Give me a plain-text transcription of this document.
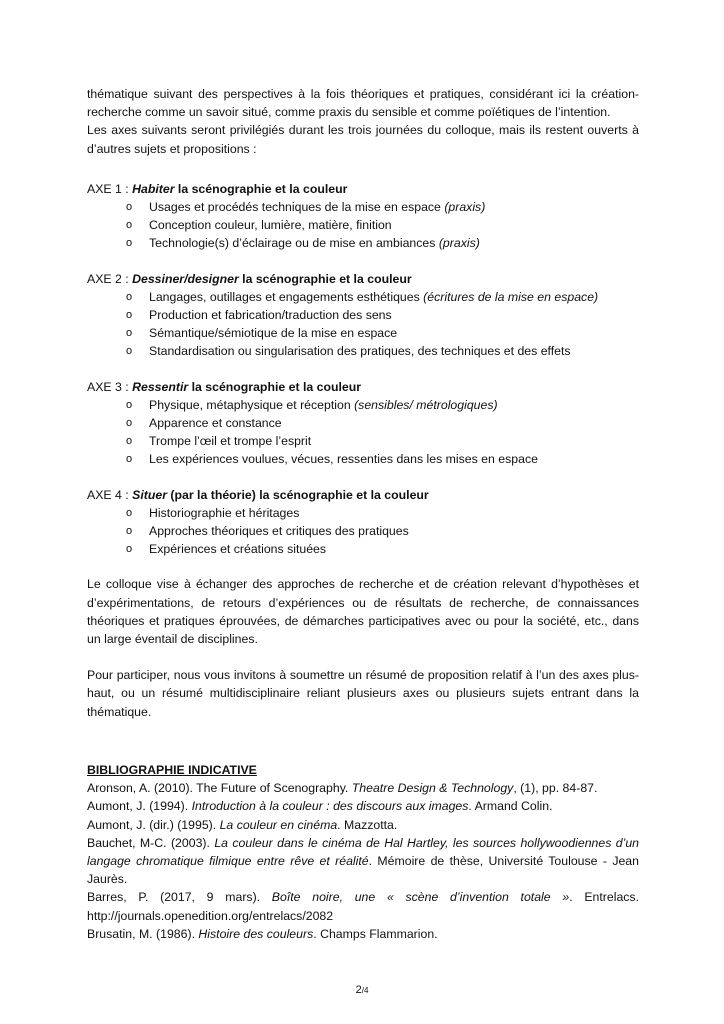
thématique suivant des perspectives à la fois théoriques et pratiques, considérant ici la création-recherche comme un savoir situé, comme praxis du sensible et comme poïétiques de l’intention.

Les axes suivants seront privilégiés durant les trois journées du colloque, mais ils restent ouverts à d’autres sujets et propositions :

AXE 1 : Habiter la scénographie et la couleur

o	Usages et procédés techniques de la mise en espace (praxis)
o	Conception couleur, lumière, matière, finition
o	Technologie(s) d’éclairage ou de mise en ambiances (praxis)

AXE 2 : Dessiner/designer la scénographie et la couleur

o	Langages, outillages et engagements esthétiques (écritures de la mise en espace)
o	Production et fabrication/traduction des sens
o	Sémantique/sémiotique de la mise en espace
o	Standardisation ou singularisation des pratiques, des techniques et des effets

AXE 3 : Ressentir la scénographie et la couleur

o	Physique, métaphysique et réception (sensibles/ métrologiques)
o	Apparence et constance
o	Trompe l’œil et trompe l’esprit
o	Les expériences voulues, vécues, ressenties dans les mises en espace

AXE 4 : Situer (par la théorie) la scénographie et la couleur

o	Historiographie et héritages
o	Approches théoriques et critiques des pratiques
o	Expériences et créations situées
Le colloque vise à échanger des approches de recherche et de création relevant d’hypothèses et d’expérimentations, de retours d’expériences ou de résultats de recherche, de connaissances théoriques et pratiques éprouvées, de démarches participatives avec ou pour la société, etc., dans un large éventail de disciplines.
Pour participer, nous vous invitons à soumettre un résumé de proposition relatif à l’un des axes plus-haut, ou un résumé multidisciplinaire reliant plusieurs axes ou plusieurs sujets entrant dans la thématique.
BIBLIOGRAPHIE INDICATIVE

Aronson, A. (2010). The Future of Scenography. Theatre Design & Technology, (1), pp. 84-87.

Aumont, J. (1994). Introduction à la couleur : des discours aux images. Armand Colin.

Aumont, J. (dir.) (1995). La couleur en cinéma. Mazzotta.

Bauchet, M-C. (2003). La couleur dans le cinéma de Hal Hartley, les sources hollywoodiennes d’un langage chromatique filmique entre rêve et réalité. Mémoire de thèse, Université Toulouse - Jean Jaurès.

Barres, P. (2017, 9 mars). Boîte noire, une « scène d’invention totale ». Entrelacs. http://journals.openedition.org/entrelacs/2082

Brusatin, M. (1986). Histoire des couleurs. Champs Flammarion.

2/4
